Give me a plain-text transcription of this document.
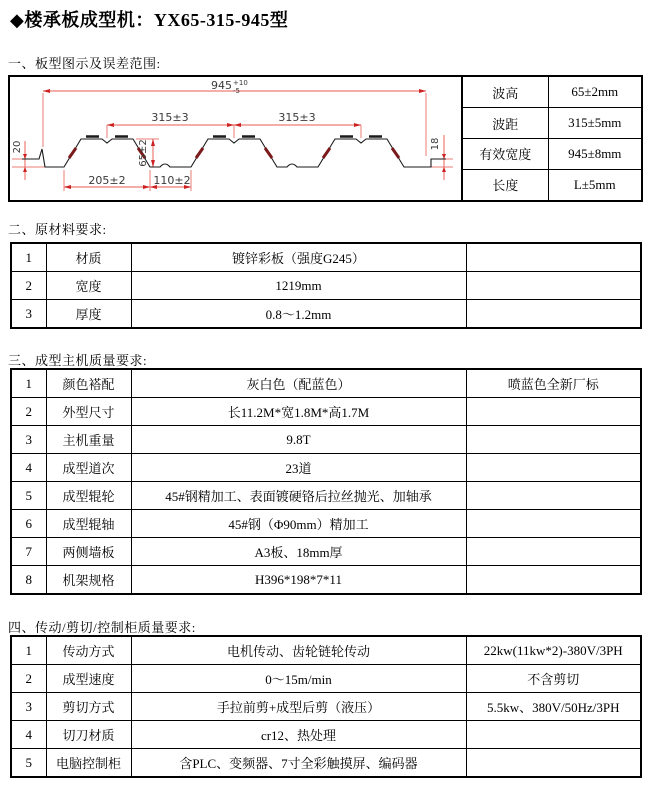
◆楼承板成型机：YX65-315-945型
一、板型图示及误差范围:
945 +10
-5
315±3	315±3
65±2
205±2	110±2
20	18
波高	65±2mm
波距	315±5mm
有效宽度	945±8mm
长度	L±5mm
二、原材料要求:
1	材质	镀锌彩板（强度G245）	
2	宽度	1219mm	
3	厚度	0.8～1.2mm	
三、成型主机质量要求:
1	颜色褡配	灰白色（配蓝色）	喷蓝色全新厂标
2	外型尺寸	长11.2M*宽1.8M*高1.7M	
3	主机重量	9.8T	
4	成型道次	23道	
5	成型辊轮	45#钢精加工、表面镀硬铬后拉丝抛光、加轴承	
6	成型辊轴	45#钢（Φ90mm）精加工	
7	两侧墙板	A3板、18mm厚	
8	机架规格	H396*198*7*11	
四、传动/剪切/控制柜质量要求:
1	传动方式	电机传动、齿轮链轮传动	22kw(11kw*2)-380V/3PH
2	成型速度	0～15m/min	不含剪切
3	剪切方式	手拉前剪+成型后剪（液压）	5.5kw、380V/50Hz/3PH
4	切刀材质	cr12、热处理	
5	电脑控制柜	含PLC、变频器、7寸全彩触摸屏、编码器	
